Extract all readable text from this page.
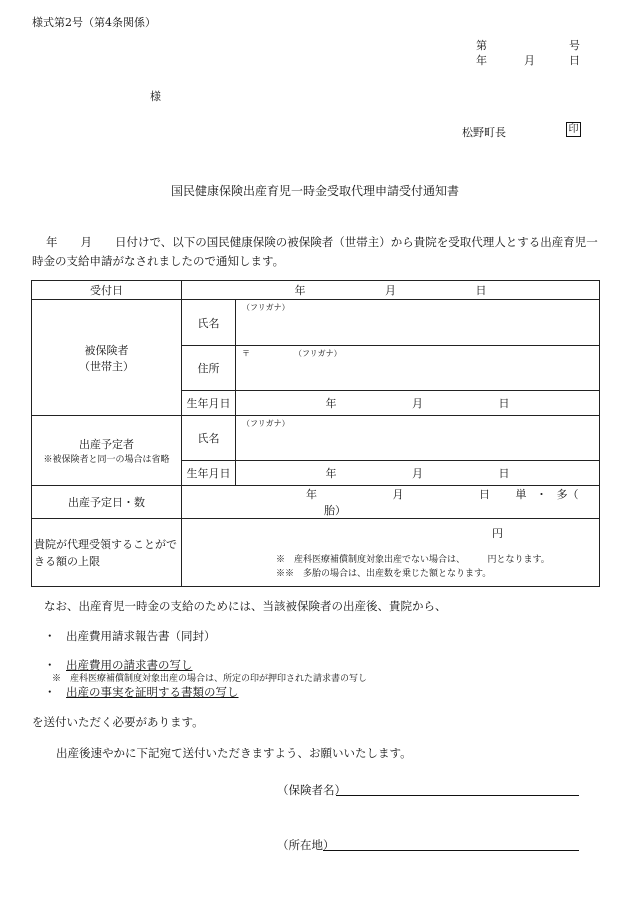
様式第2号（第4条関係）
第	号
年	月	日
様
松野町長	印
国民健康保険出産育児一時金受取代理申請受付通知書
年　　月　　日付けで、以下の国民健康保険の被保険者（世帯主）から貴院を受取代理人とする出産育児一時金の支給申請がなされましたので通知します。
受付日	年 月 日	

被保険者
（世帯主）	氏名	（フリガナ）

	住所	〒 （フリガナ）

	生年月日	年 月 日

出産予定者
※被保険者と同一の場合は省略	氏名	（フリガナ）

	生年月日	年 月 日
出産予定日・数	年 月 日 単 ・ 多（ 胎）	
貴院が代理受領することができる額の上限	円
※　産科医療補償制度対象出産でない場合は、　　　円となります。
※※　多胎の場合は、出産数を乗じた額となります。	
なお、出産育児一時金の支給のためには、当該被保険者の出産後、貴院から、
・ 出産費用請求報告書（同封）
・ 出産費用の請求書の写し
※　産科医療補償制度対象出産の場合は、所定の印が押印された請求書の写し
・ 出産の事実を証明する書類の写し
を送付いただく必要があります。
出産後速やかに下記宛て送付いただきますよう、お願いいたします。
（保険者名）
（所在地）
